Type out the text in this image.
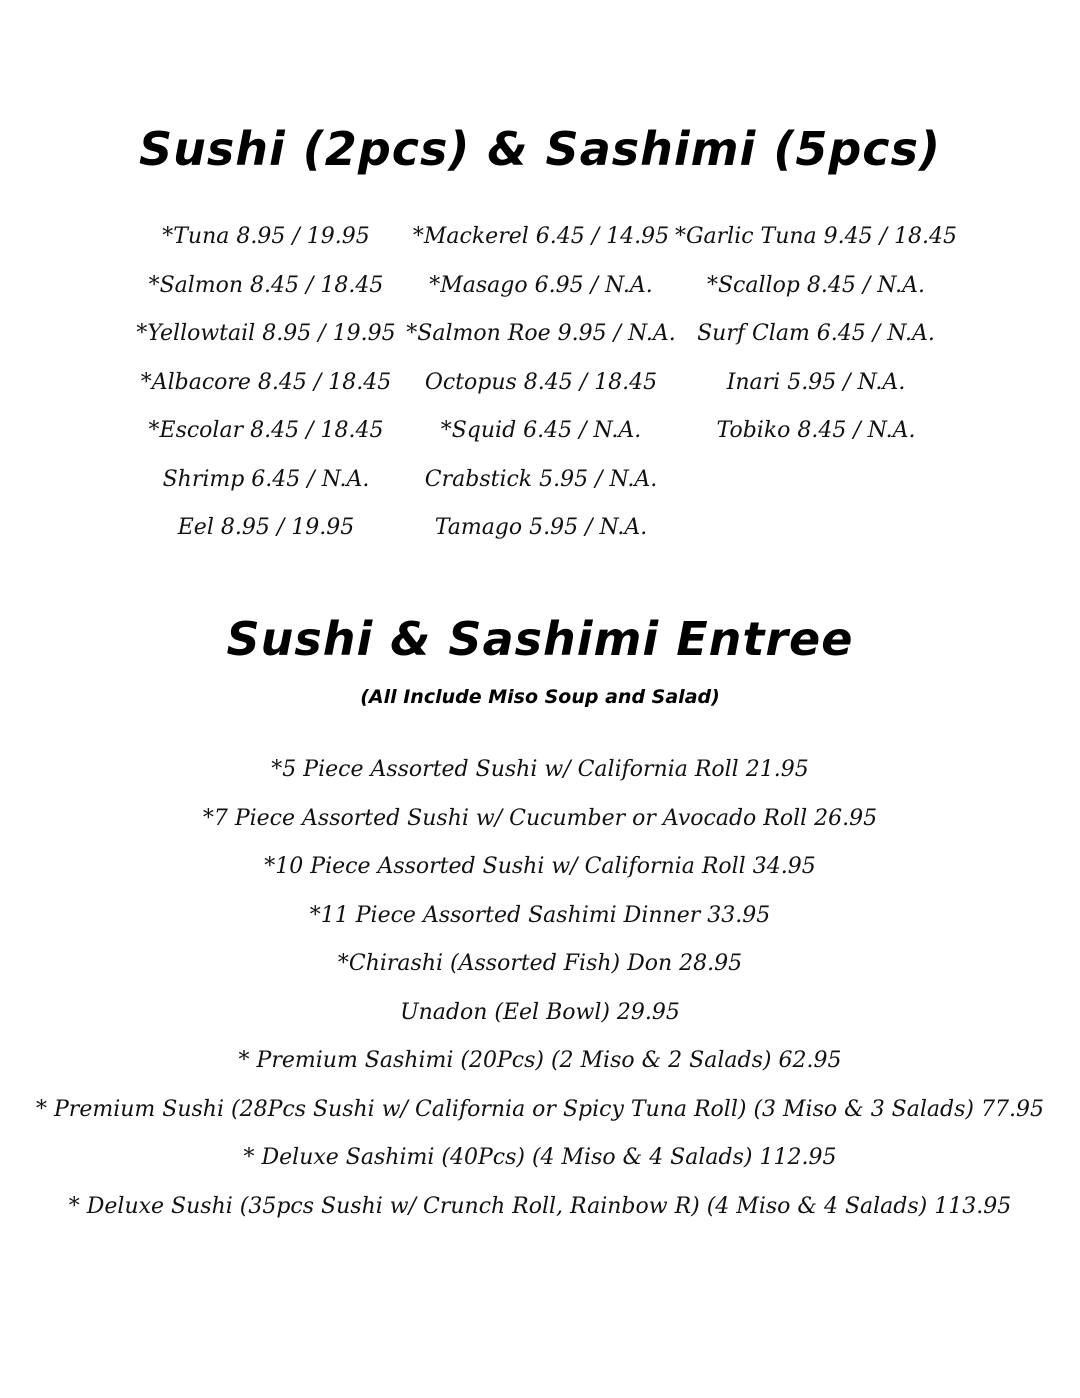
Sushi (2pcs) & Sashimi (5pcs)
*Tuna 8.95 / 19.95
*Salmon 8.45 / 18.45
*Yellowtail 8.95 / 19.95
*Albacore 8.45 / 18.45
*Escolar 8.45 / 18.45
Shrimp 6.45 / N.A.
Eel 8.95 / 19.95
*Mackerel 6.45 / 14.95
*Masago 6.95 / N.A.
*Salmon Roe 9.95 / N.A.
Octopus 8.45 / 18.45
*Squid 6.45 / N.A.
Crabstick 5.95 / N.A.
Tamago 5.95 / N.A.
*Garlic Tuna 9.45 / 18.45
*Scallop 8.45 / N.A.
Surf Clam 6.45 / N.A.
Inari 5.95 / N.A.
Tobiko 8.45 / N.A.
Sushi & Sashimi Entree
(All Include Miso Soup and Salad)
*5 Piece Assorted Sushi w/ California Roll 21.95
*7 Piece Assorted Sushi w/ Cucumber or Avocado Roll 26.95
*10 Piece Assorted Sushi w/ California Roll 34.95
*11 Piece Assorted Sashimi Dinner 33.95
*Chirashi (Assorted Fish) Don 28.95
Unadon (Eel Bowl) 29.95
* Premium Sashimi (20Pcs) (2 Miso & 2 Salads) 62.95
* Premium Sushi (28Pcs Sushi w/ California or Spicy Tuna Roll) (3 Miso & 3 Salads) 77.95
* Deluxe Sashimi (40Pcs) (4 Miso & 4 Salads) 112.95
* Deluxe Sushi (35pcs Sushi w/ Crunch Roll, Rainbow R) (4 Miso & 4 Salads) 113.95
